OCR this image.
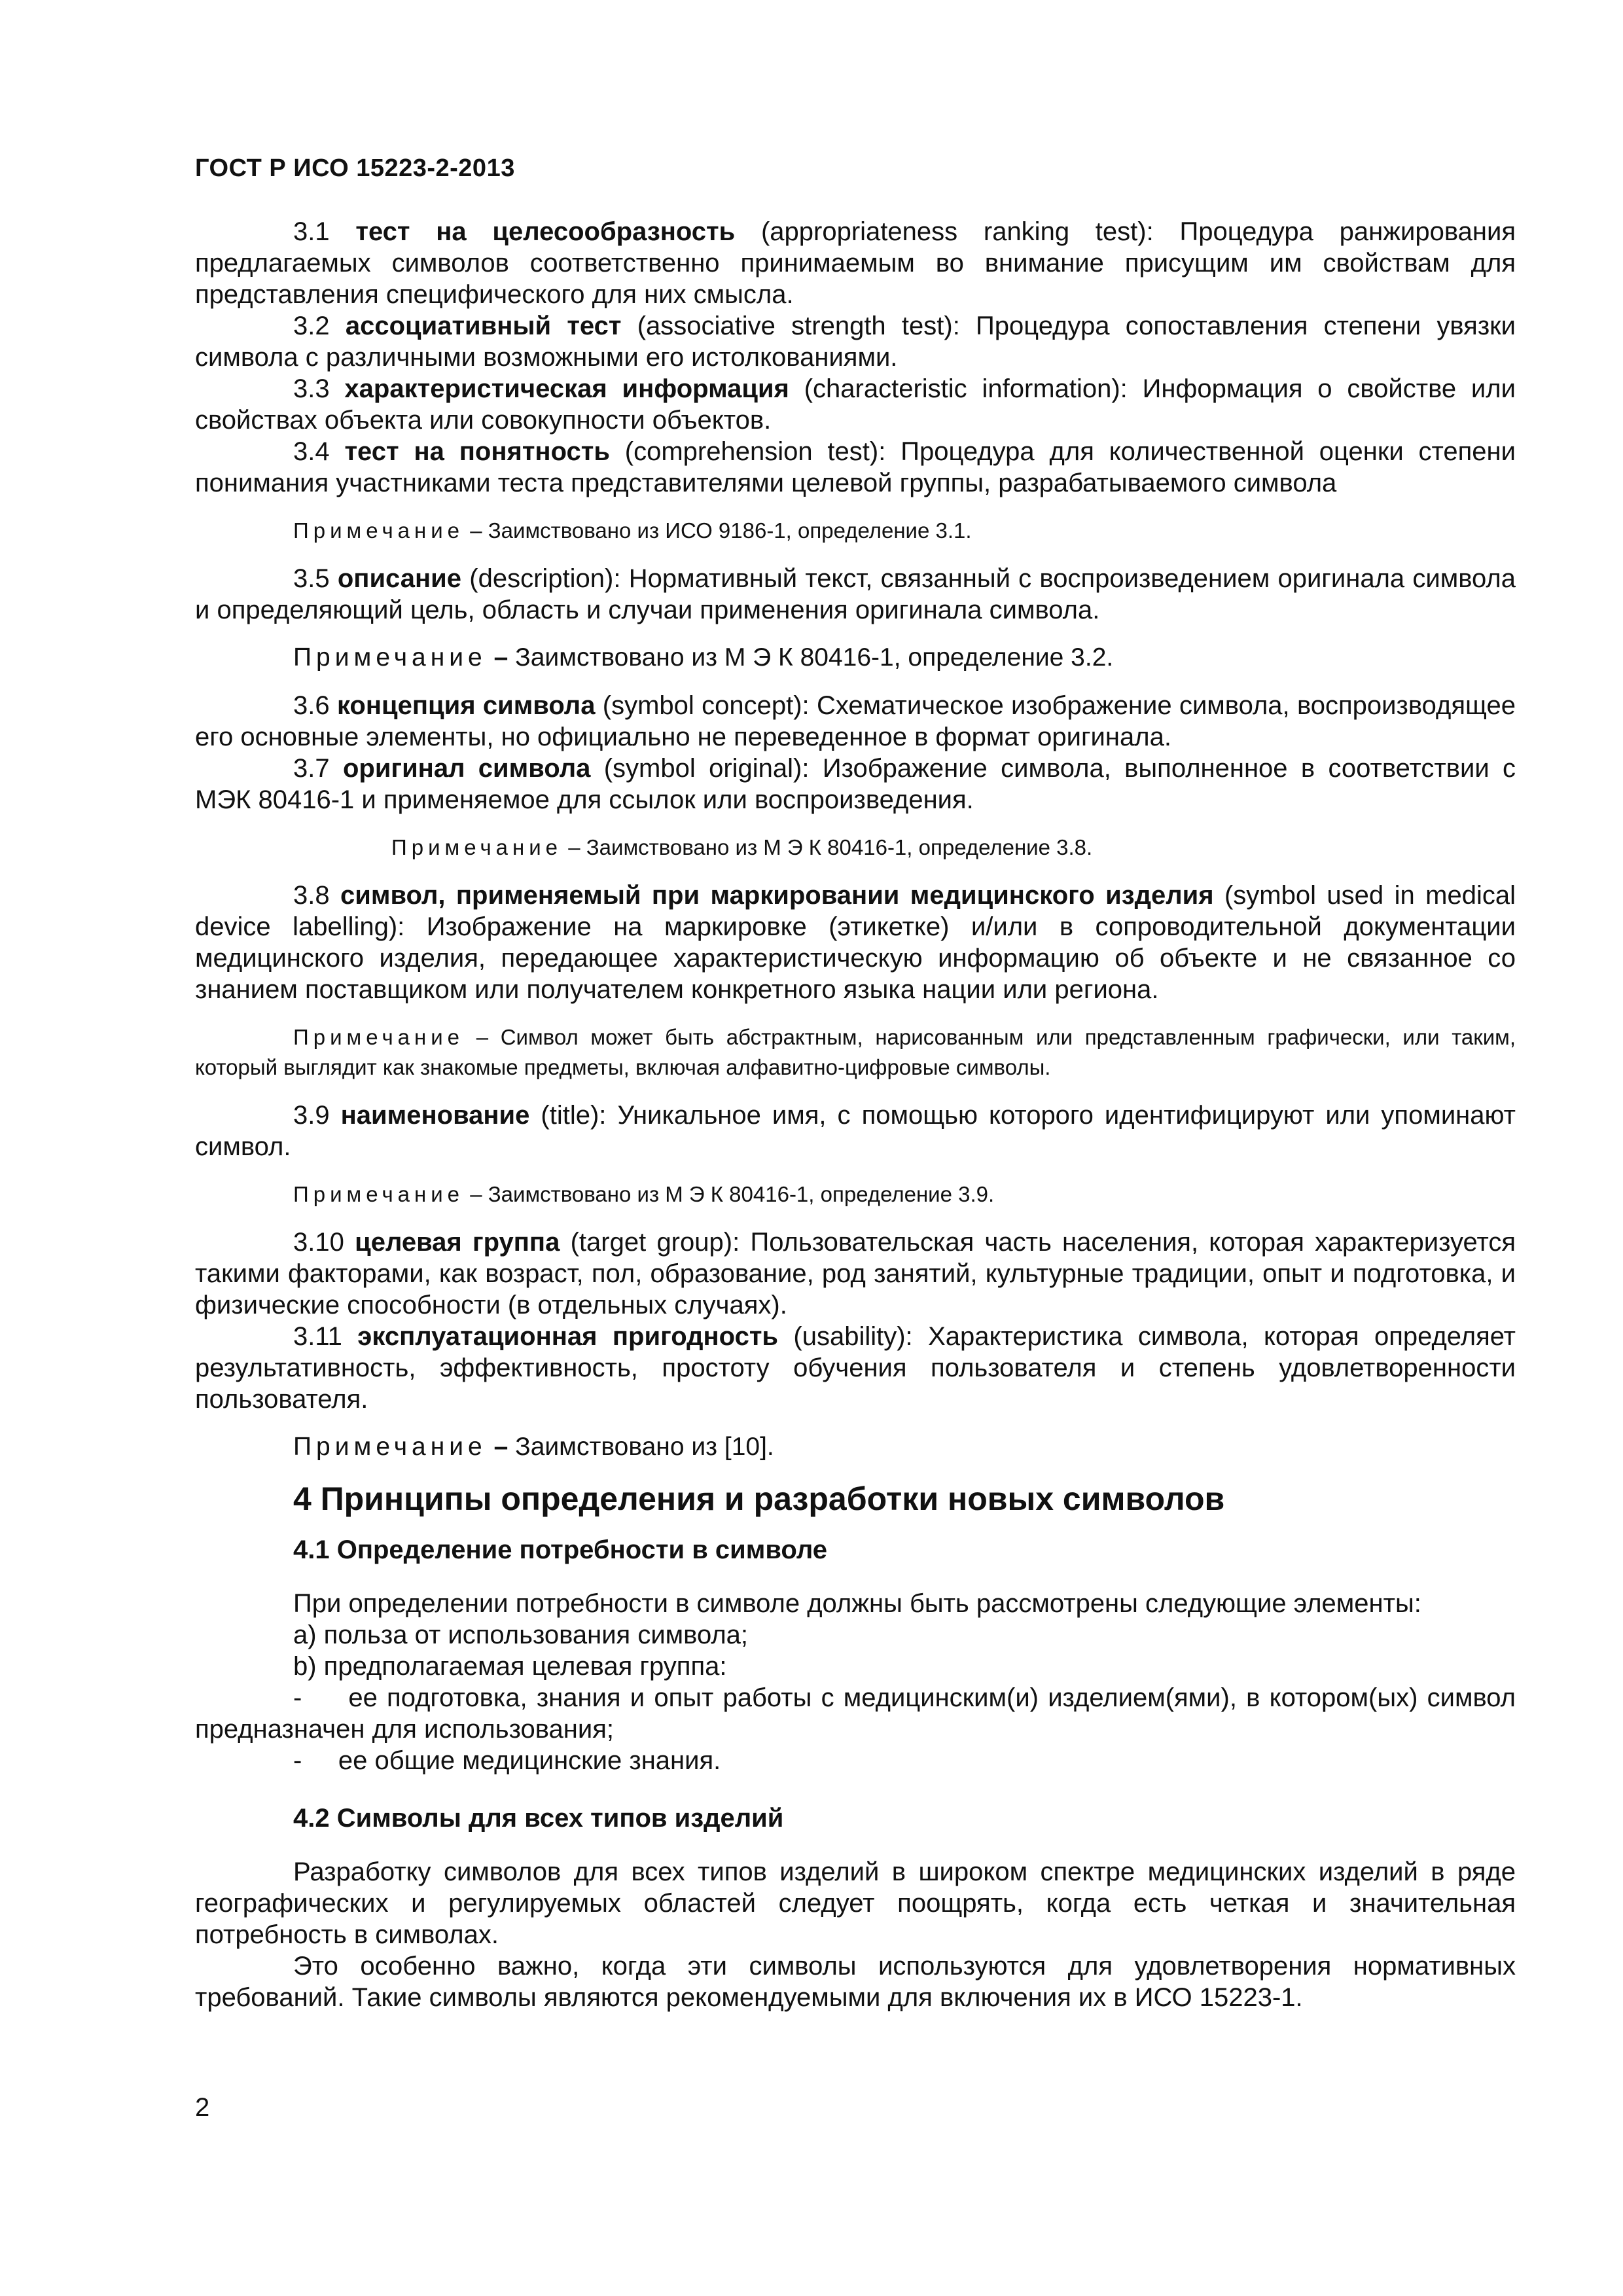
ГОСТ Р ИСО 15223-2-2013

3.1 тест на целесообразность (appropriateness ranking test): Процедура ранжирования предлагаемых символов соответственно принимаемым во внимание присущим им свойствам для представления специфического для них смысла.

3.2 ассоциативный тест (associative strength test): Процедура сопоставления степени увязки символа с различными возможными его истолкованиями.

3.3 характеристическая информация (characteristic information): Информация о свойстве или свойствах объекта или совокупности объектов.

3.4 тест на понятность (comprehension test): Процедура для количественной оценки степени понимания участниками теста представителями целевой группы, разрабатываемого символа

Примечание – Заимствовано из ИСО 9186-1, определение 3.1.

3.5 описание (description): Нормативный текст, связанный с воспроизведением оригинала символа и определяющий цель, область и случаи применения оригинала символа.

Примечание – Заимствовано из М Э К 80416-1, определение 3.2.

3.6 концепция символа (symbol concept): Схематическое изображение символа, воспроизводящее его основные элементы, но официально не переведенное в формат оригинала.

3.7 оригинал символа (symbol original): Изображение символа, выполненное в соответствии с МЭК 80416-1 и применяемое для ссылок или воспроизведения.

Примечание – Заимствовано из М Э К 80416-1, определение 3.8.

3.8 символ, применяемый при маркировании медицинского изделия (symbol used in medical device labelling): Изображение на маркировке (этикетке) и/или в сопроводительной документации медицинского изделия, передающее характеристическую информацию об объекте и не связанное со знанием поставщиком или получателем конкретного языка нации или региона.

Примечание – Символ может быть абстрактным, нарисованным или представленным графически, или таким, который выглядит как знакомые предметы, включая алфавитно-цифровые символы.

3.9 наименование (title): Уникальное имя, с помощью которого идентифицируют или упоминают символ.

Примечание – Заимствовано из М Э К 80416-1, определение 3.9.

3.10 целевая группа (target group): Пользовательская часть населения, которая характеризуется такими факторами, как возраст, пол, образование, род занятий, культурные традиции, опыт и подготовка, и физические способности (в отдельных случаях).

3.11 эксплуатационная пригодность (usability): Характеристика символа, которая определяет результативность, эффективность, простоту обучения пользователя и степень удовлетворенности пользователя.

Примечание – Заимствовано из [10].

4 Принципы определения и разработки новых символов
4.1 Определение потребности в символе
При определении потребности в символе должны быть рассмотрены следующие элементы:
a) польза от использования символа;
b) предполагаемая целевая группа:

- ее подготовка, знания и опыт работы с медицинским(и) изделием(ями), в котором(ых) символ предназначен для использования;

- ее общие медицинские знания.

4.2 Символы для всех типов изделий

Разработку символов для всех типов изделий в широком спектре медицинских изделий в ряде географических и регулируемых областей следует поощрять, когда есть четкая и значительная потребность в символах.

Это особенно важно, когда эти символы используются для удовлетворения нормативных требований. Такие символы являются рекомендуемыми для включения их в ИСО 15223-1.

2
